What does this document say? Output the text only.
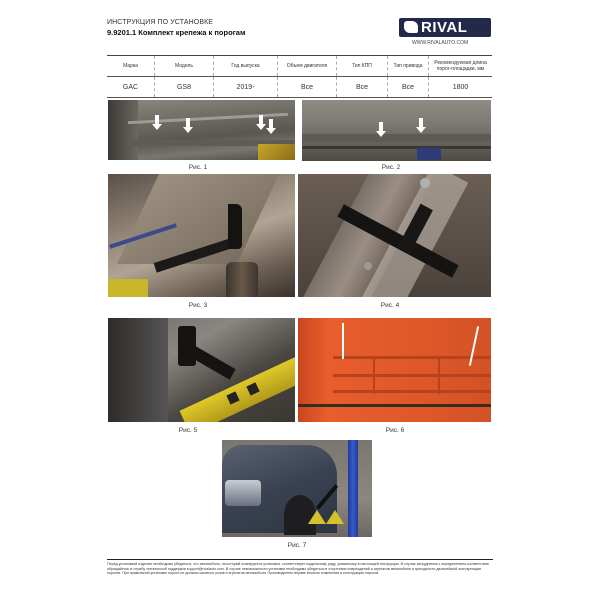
ИНСТРУКЦИЯ ПО УСТАНОВКЕ
9.9201.1 Комплект крепежа к порогам	RIVAL
WWW.RIVALAUTO.COM
Марка	Модель	Год выпуска	Объем двигателя	Тип КПП	Тип привода	Рекомендуемая длина порог-площадки, мм
GAC	GS8	2019-	Все	Все	Все	1800
Рис. 1	Рис. 2
Рис. 3	Рис. 4
Рис. 5	Рис. 6
Рис. 7
Перед установкой изделия необходимо убедиться, что автомобиль, на который планируется установка, соответствует модельному ряду, указанному в настоящей инструкции. В случае затруднения с определением соответствия обращайтесь в службу технической поддержки support@rivalauto.com. В случае невозможности установки необходимо убедиться в отсутствии повреждений и агрегатов автомобиля и пригодности дальнейшей эксплуатации порогов. При правильной установке пороги не должны касаться узлов и агрегатов автомобиля. Производитель вправе вносить изменения в конструкцию порогов.
